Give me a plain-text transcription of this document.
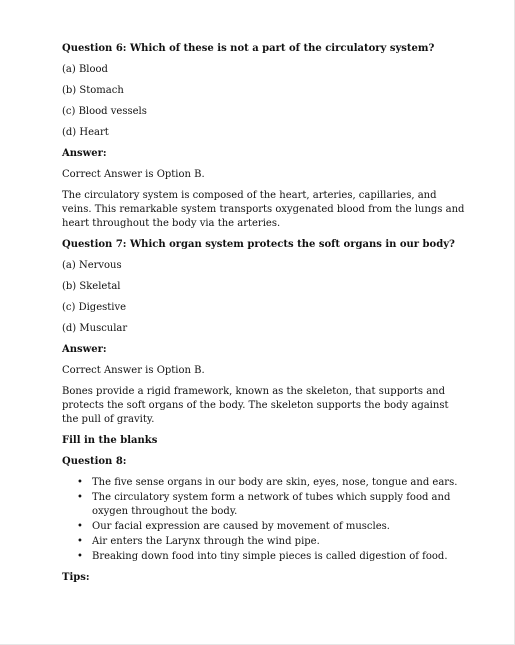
Question 6: Which of these is not a part of the circulatory system?

(a) Blood

(b) Stomach

(c) Blood vessels

(d) Heart

Answer:

Correct Answer is Option B.

The circulatory system is composed of the heart, arteries, capillaries, and veins. This remarkable system transports oxygenated blood from the lungs and heart throughout the body via the arteries.

Question 7: Which organ system protects the soft organs in our body?

(a) Nervous

(b) Skeletal

(c) Digestive

(d) Muscular

Answer:

Correct Answer is Option B.

Bones provide a rigid framework, known as the skeleton, that supports and protects the soft organs of the body. The skeleton supports the body against the pull of gravity.

Fill in the blanks

Question 8:

• The five sense organs in our body are skin, eyes, nose, tongue and ears.
• The circulatory system form a network of tubes which supply food and oxygen throughout the body.
• Our facial expression are caused by movement of muscles.
• Air enters the Larynx through the wind pipe.
• Breaking down food into tiny simple pieces is called digestion of food.

Tips:
